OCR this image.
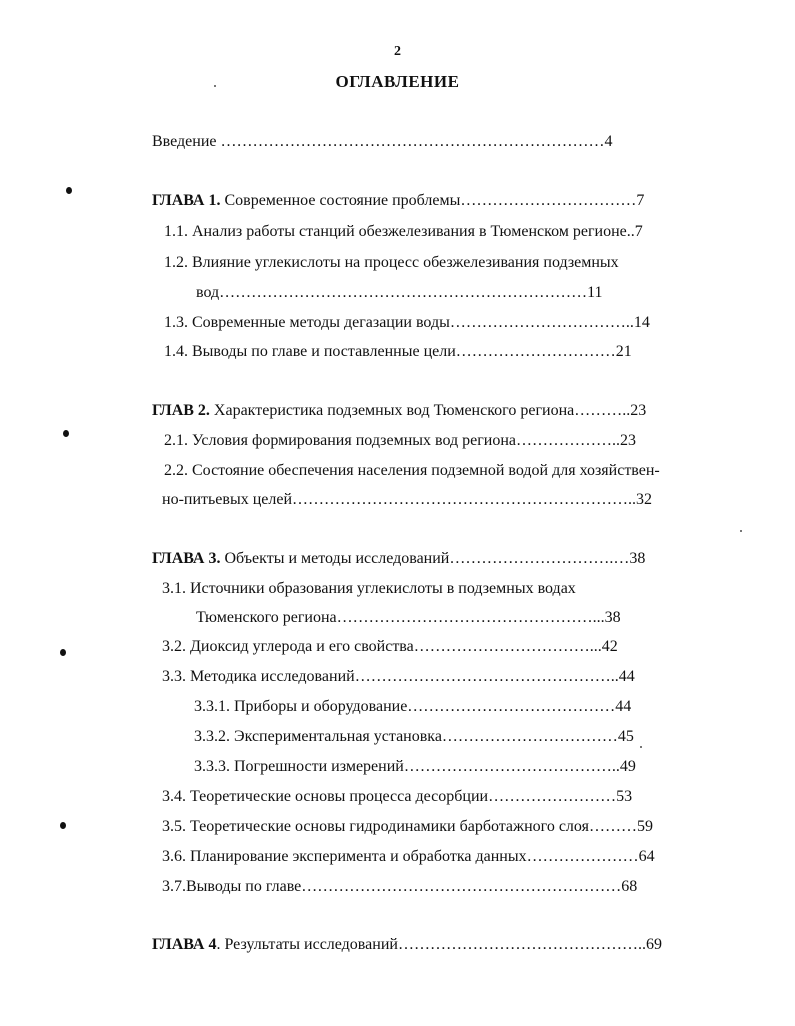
2
ОГЛАВЛЕНИЕ
Введение ………………………………………………………………4
ГЛАВА 1. Современное состояние проблемы……………………………7
1.1. Анализ работы станций обезжелезивания в Тюменском регионе..7
1.2. Влияние углекислоты на процесс обезжелезивания подземных
вод……………………………………………………………11
1.3. Современные методы дегазации воды……………………………..14
1.4. Выводы по главе и поставленные цели…………………………21
ГЛАВ 2. Характеристика подземных вод Тюменского региона………..23
2.1. Условия формирования подземных вод региона………………..23
2.2. Состояние обеспечения населения подземной водой для хозяйствен-
но-питьевых целей………………………………………………………..32
ГЛАВА 3. Объекты и методы исследований………………………….…38
3.1. Источники образования углекислоты в подземных водах
Тюменского региона…………………………………………...38
3.2. Диоксид углерода и его свойства……………………………...42
3.3. Методика исследований…………………………………………..44
3.3.1. Приборы и оборудование…………………………………44
3.3.2. Экспериментальная установка……………………………45
3.3.3. Погрешности измерений…………………………………..49
3.4. Теоретические основы процесса десорбции……………………53
3.5. Теоретические основы гидродинамики барботажного слоя………59
3.6. Планирование эксперимента и обработка данных…………………64
3.7.Выводы по главе……………………………………………………68
ГЛАВА 4. Результаты исследований………………………………………..69
